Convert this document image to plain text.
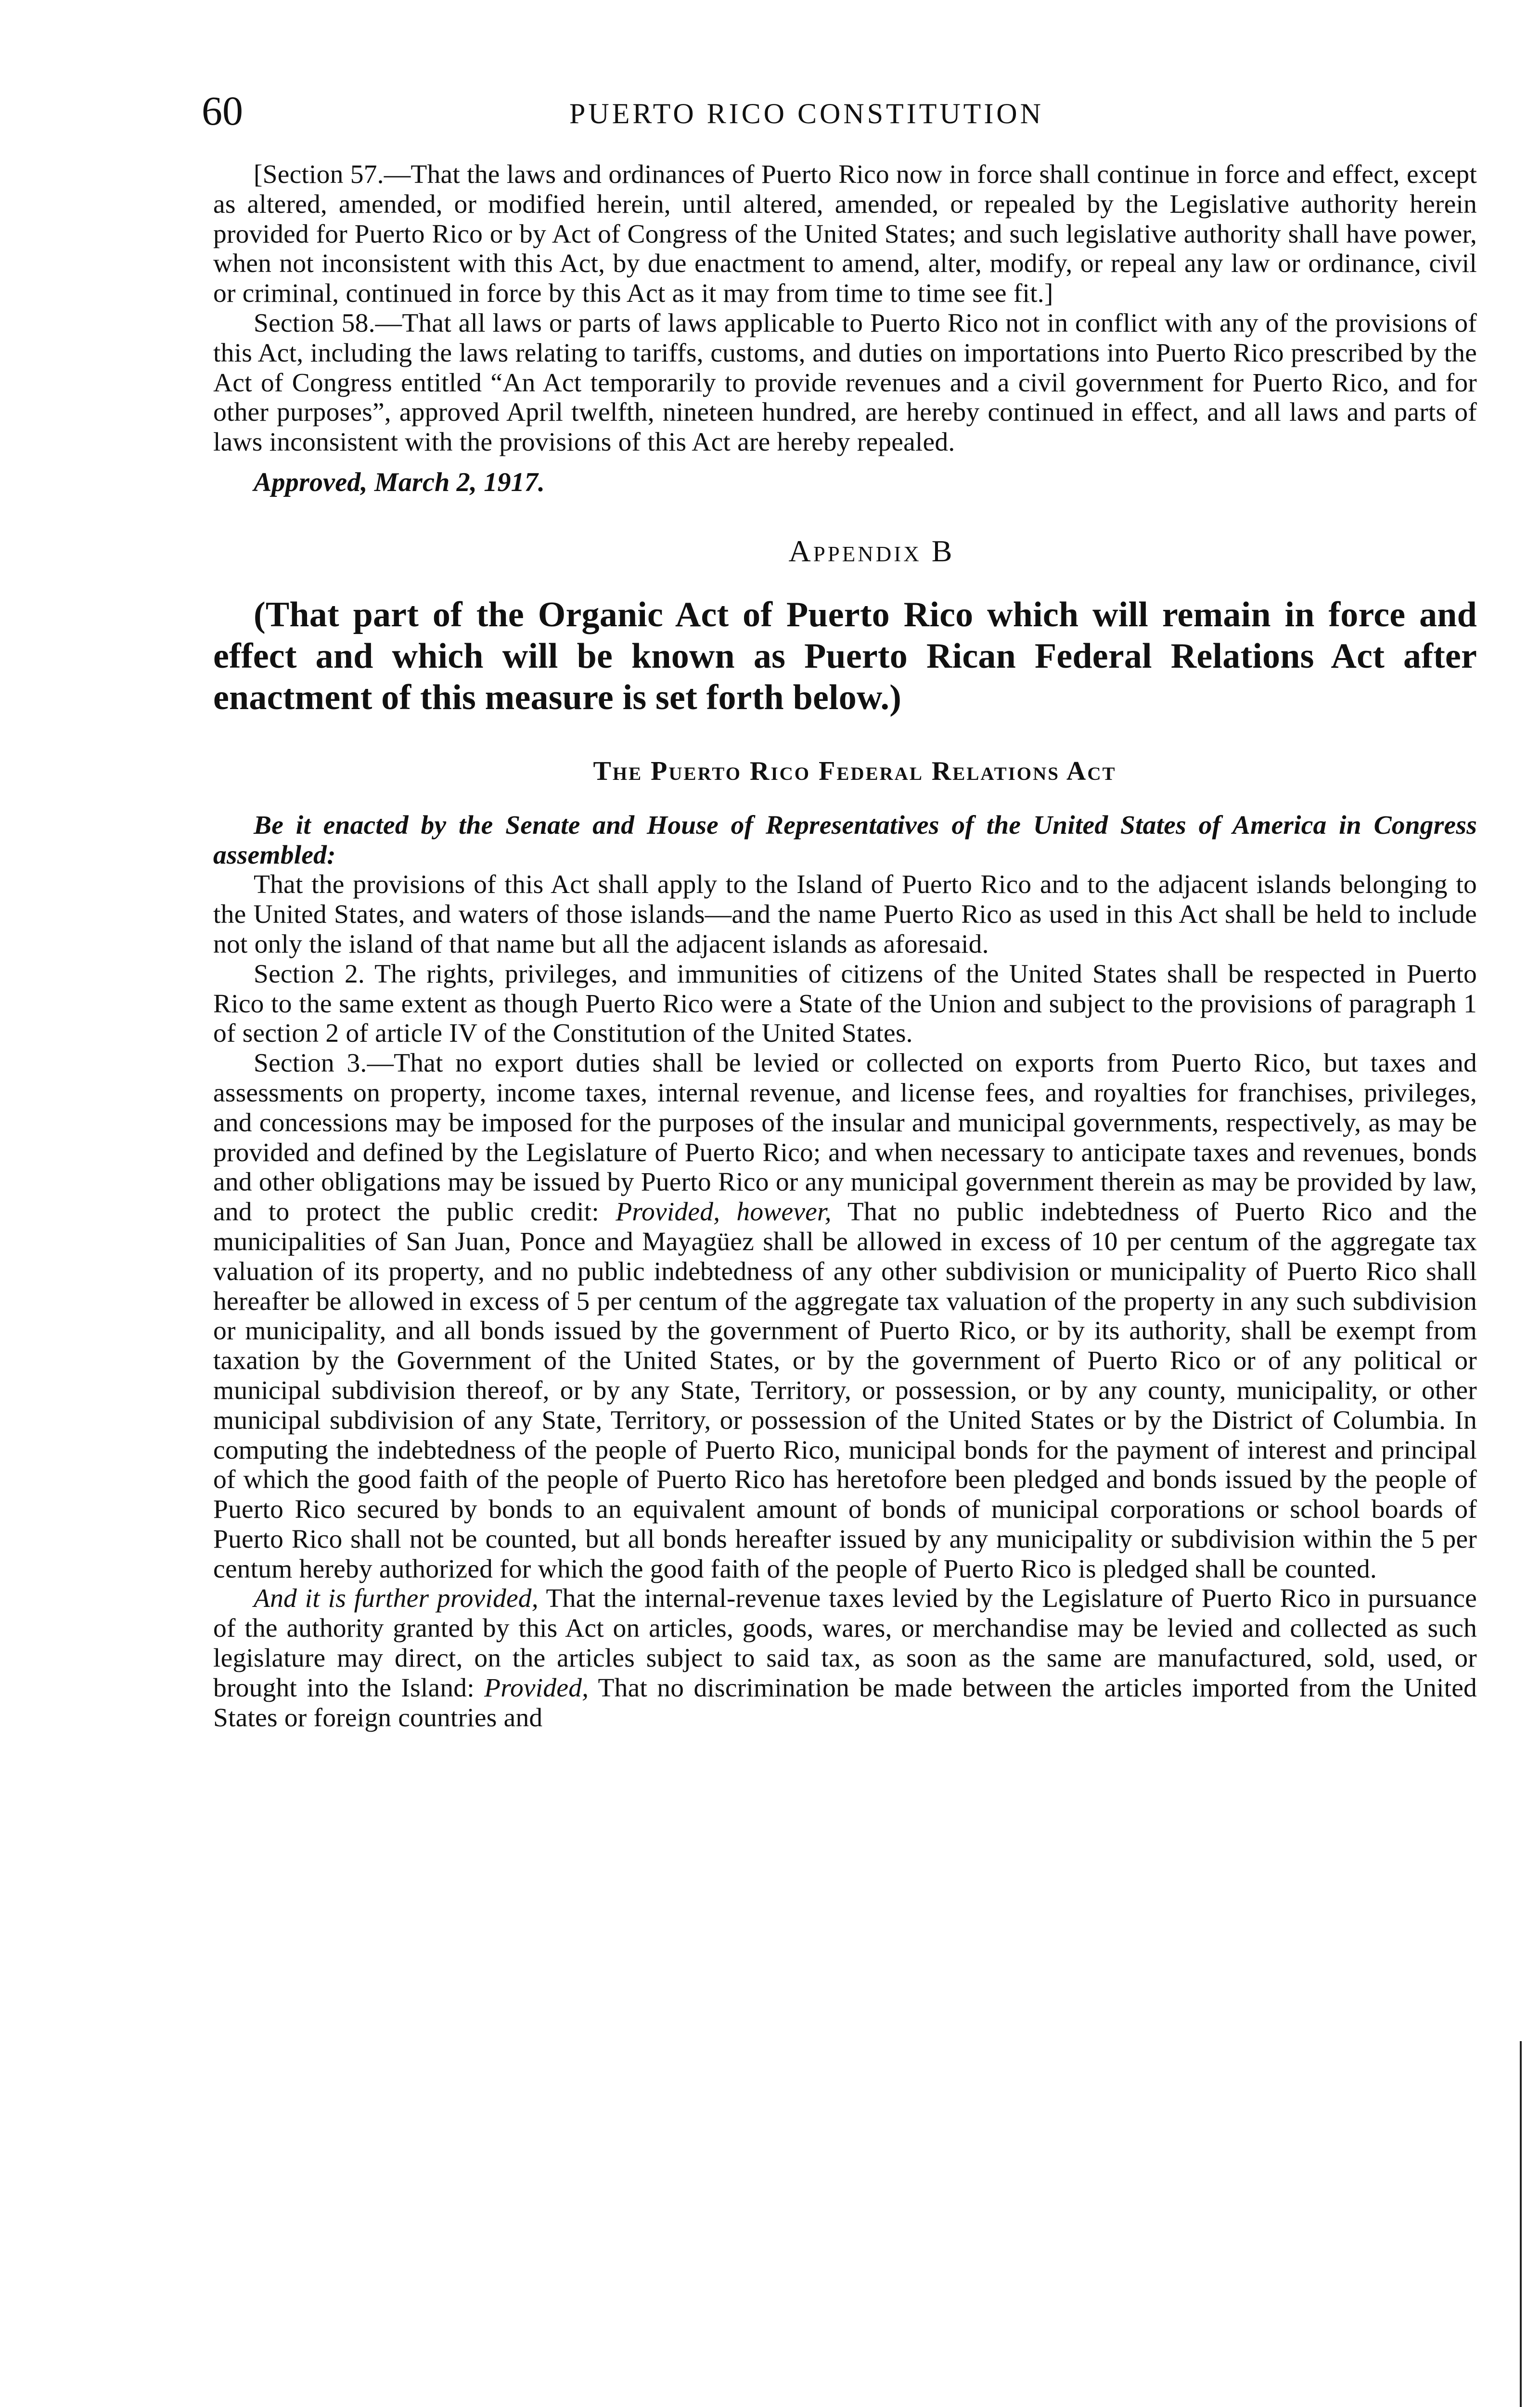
60	PUERTO RICO CONSTITUTION

[Section 57.—That the laws and ordinances of Puerto Rico now in force shall continue in force and effect, except as altered, amended, or modified herein, until altered, amended, or repealed by the Legislative authority herein provided for Puerto Rico or by Act of Congress of the United States; and such legislative authority shall have power, when not inconsistent with this Act, by due enactment to amend, alter, modify, or repeal any law or ordinance, civil or criminal, continued in force by this Act as it may from time to time see fit.]

Section 58.—That all laws or parts of laws applicable to Puerto Rico not in conflict with any of the provisions of this Act, including the laws relating to tariffs, customs, and duties on importations into Puerto Rico prescribed by the Act of Congress entitled “An Act temporarily to provide revenues and a civil government for Puerto Rico, and for other purposes”, approved April twelfth, nineteen hundred, are hereby continued in effect, and all laws and parts of laws inconsistent with the provisions of this Act are hereby repealed.

Approved, March 2, 1917.

Appendix B

(That part of the Organic Act of Puerto Rico which will remain in force and effect and which will be known as Puerto Rican Federal Relations Act after enactment of this measure is set forth below.)

The Puerto Rico Federal Relations Act

Be it enacted by the Senate and House of Representatives of the United States of America in Congress assembled:

That the provisions of this Act shall apply to the Island of Puerto Rico and to the adjacent islands belonging to the United States, and waters of those islands—and the name Puerto Rico as used in this Act shall be held to include not only the island of that name but all the adjacent islands as aforesaid.

Section 2. The rights, privileges, and immunities of citizens of the United States shall be respected in Puerto Rico to the same extent as though Puerto Rico were a State of the Union and subject to the provisions of paragraph 1 of section 2 of article IV of the Constitution of the United States.

Section 3.—That no export duties shall be levied or collected on exports from Puerto Rico, but taxes and assessments on property, income taxes, internal revenue, and license fees, and royalties for franchises, privileges, and concessions may be imposed for the purposes of the insular and municipal governments, respectively, as may be provided and defined by the Legislature of Puerto Rico; and when necessary to anticipate taxes and revenues, bonds and other obligations may be issued by Puerto Rico or any municipal government therein as may be provided by law, and to protect the public credit: Provided, however, That no public indebtedness of Puerto Rico and the municipalities of San Juan, Ponce and Mayagüez shall be allowed in excess of 10 per centum of the aggregate tax valuation of its property, and no public indebtedness of any other subdivision or municipality of Puerto Rico shall hereafter be allowed in excess of 5 per centum of the aggregate tax valuation of the property in any such subdivision or municipality, and all bonds issued by the government of Puerto Rico, or by its authority, shall be exempt from taxation by the Government of the United States, or by the government of Puerto Rico or of any political or municipal subdivision thereof, or by any State, Territory, or possession, or by any county, municipality, or other municipal subdivision of any State, Territory, or possession of the United States or by the District of Columbia. In computing the indebtedness of the people of Puerto Rico, municipal bonds for the payment of interest and principal of which the good faith of the people of Puerto Rico has heretofore been pledged and bonds issued by the people of Puerto Rico secured by bonds to an equivalent amount of bonds of municipal corporations or school boards of Puerto Rico shall not be counted, but all bonds hereafter issued by any municipality or subdivision within the 5 per centum hereby authorized for which the good faith of the people of Puerto Rico is pledged shall be counted.

And it is further provided, That the internal-revenue taxes levied by the Legislature of Puerto Rico in pursuance of the authority granted by this Act on articles, goods, wares, or merchandise may be levied and collected as such legislature may direct, on the articles subject to said tax, as soon as the same are manufactured, sold, used, or brought into the Island: Provided, That no discrimination be made between the articles imported from the United States or foreign countries and
